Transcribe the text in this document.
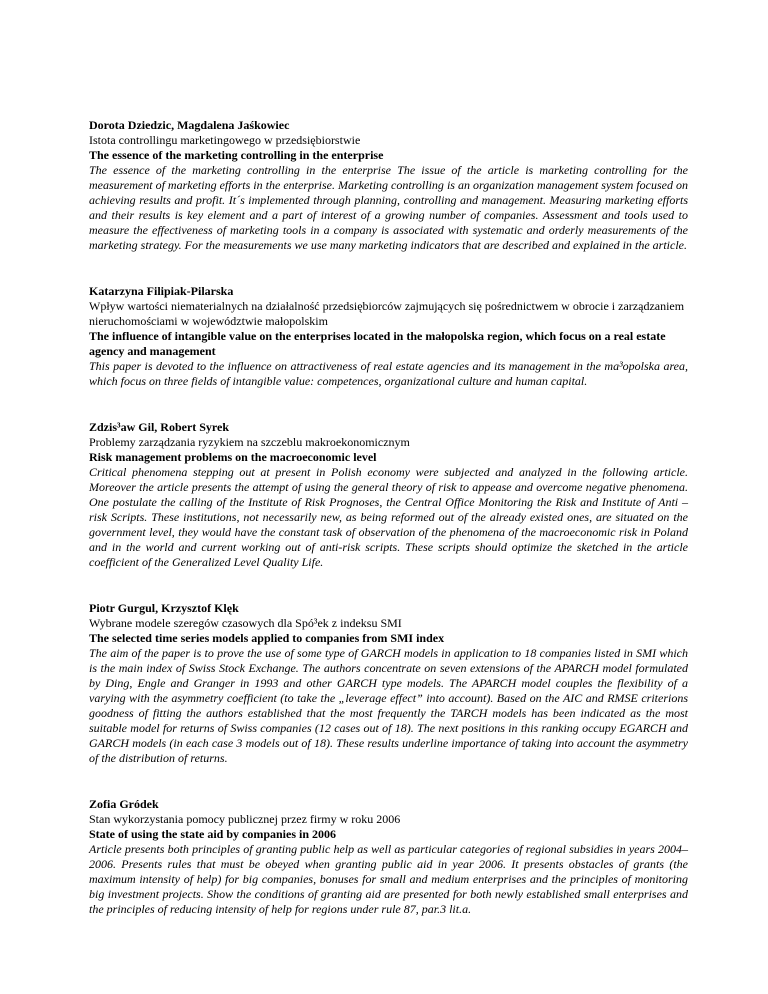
Dorota Dziedzic, Magdalena Jaśkowiec

Istota controllingu marketingowego w przedsiębiorstwie

The essence of the marketing controlling in the enterprise

The essence of the marketing controlling in the enterprise The issue of the article is marketing controlling for the measurement of marketing efforts in the enterprise. Marketing controlling is an organization management system focused on achieving results and profit. It´s implemented through planning, controlling and management. Measuring marketing efforts and their results is key element and a part of interest of a growing number of companies. Assessment and tools used to measure the effectiveness of marketing tools in a company is associated with systematic and orderly measurements of the marketing strategy. For the measurements we use many marketing indicators that are described and explained in the article.

Katarzyna Filipiak-Pilarska

Wpływ wartości niematerialnych na działalność przedsiębiorców zajmujących się pośrednictwem w obrocie i zarządzaniem nieruchomościami w województwie małopolskim

The influence of intangible value on the enterprises located in the małopolska region, which focus on a real estate agency and management

This paper is devoted to the influence on attractiveness of real estate agencies and its management in the ma³opolska area, which focus on three fields of intangible value: competences, organizational culture and human capital.

Zdzis³aw Gil, Robert Syrek

Problemy zarządzania ryzykiem na szczeblu makroekonomicznym

Risk management problems on the macroeconomic level

Critical phenomena stepping out at present in Polish economy were subjected and analyzed in the following article. Moreover the article presents the attempt of using the general theory of risk to appease and overcome negative phenomena. One postulate the calling of the Institute of Risk Prognoses, the Central Office Monitoring the Risk and Institute of Anti – risk Scripts. These institutions, not necessarily new, as being reformed out of the already existed ones, are situated on the government level, they would have the constant task of observation of the phenomena of the macroeconomic risk in Poland and in the world and current working out of anti-risk scripts. These scripts should optimize the sketched in the article coefficient of the Generalized Level Quality Life.

Piotr Gurgul, Krzysztof Klęk

Wybrane modele szeregów czasowych dla Spó³ek z indeksu SMI

The selected time series models applied to companies from SMI index

The aim of the paper is to prove the use of some type of GARCH models in application to 18 companies listed in SMI which is the main index of Swiss Stock Exchange. The authors concentrate on seven extensions of the APARCH model formulated by Ding, Engle and Granger in 1993 and other GARCH type models. The APARCH model couples the flexibility of a varying with the asymmetry coefficient (to take the „leverage effect” into account). Based on the AIC and RMSE criterions goodness of fitting the authors established that the most frequently the TARCH models has been indicated as the most suitable model for returns of Swiss companies (12 cases out of 18). The next positions in this ranking occupy EGARCH and GARCH models (in each case 3 models out of 18). These results underline importance of taking into account the asymmetry of the distribution of returns.

Zofia Gródek

Stan wykorzystania pomocy publicznej przez firmy w roku 2006

State of using the state aid by companies in 2006

Article presents both principles of granting public help as well as particular categories of regional subsidies in years 2004–2006. Presents rules that must be obeyed when granting public aid in year 2006. It presents obstacles of grants (the maximum intensity of help) for big companies, bonuses for small and medium enterprises and the principles of monitoring big investment projects. Show the conditions of granting aid are presented for both newly established small enterprises and the principles of reducing intensity of help for regions under rule 87, par.3 lit.a.
